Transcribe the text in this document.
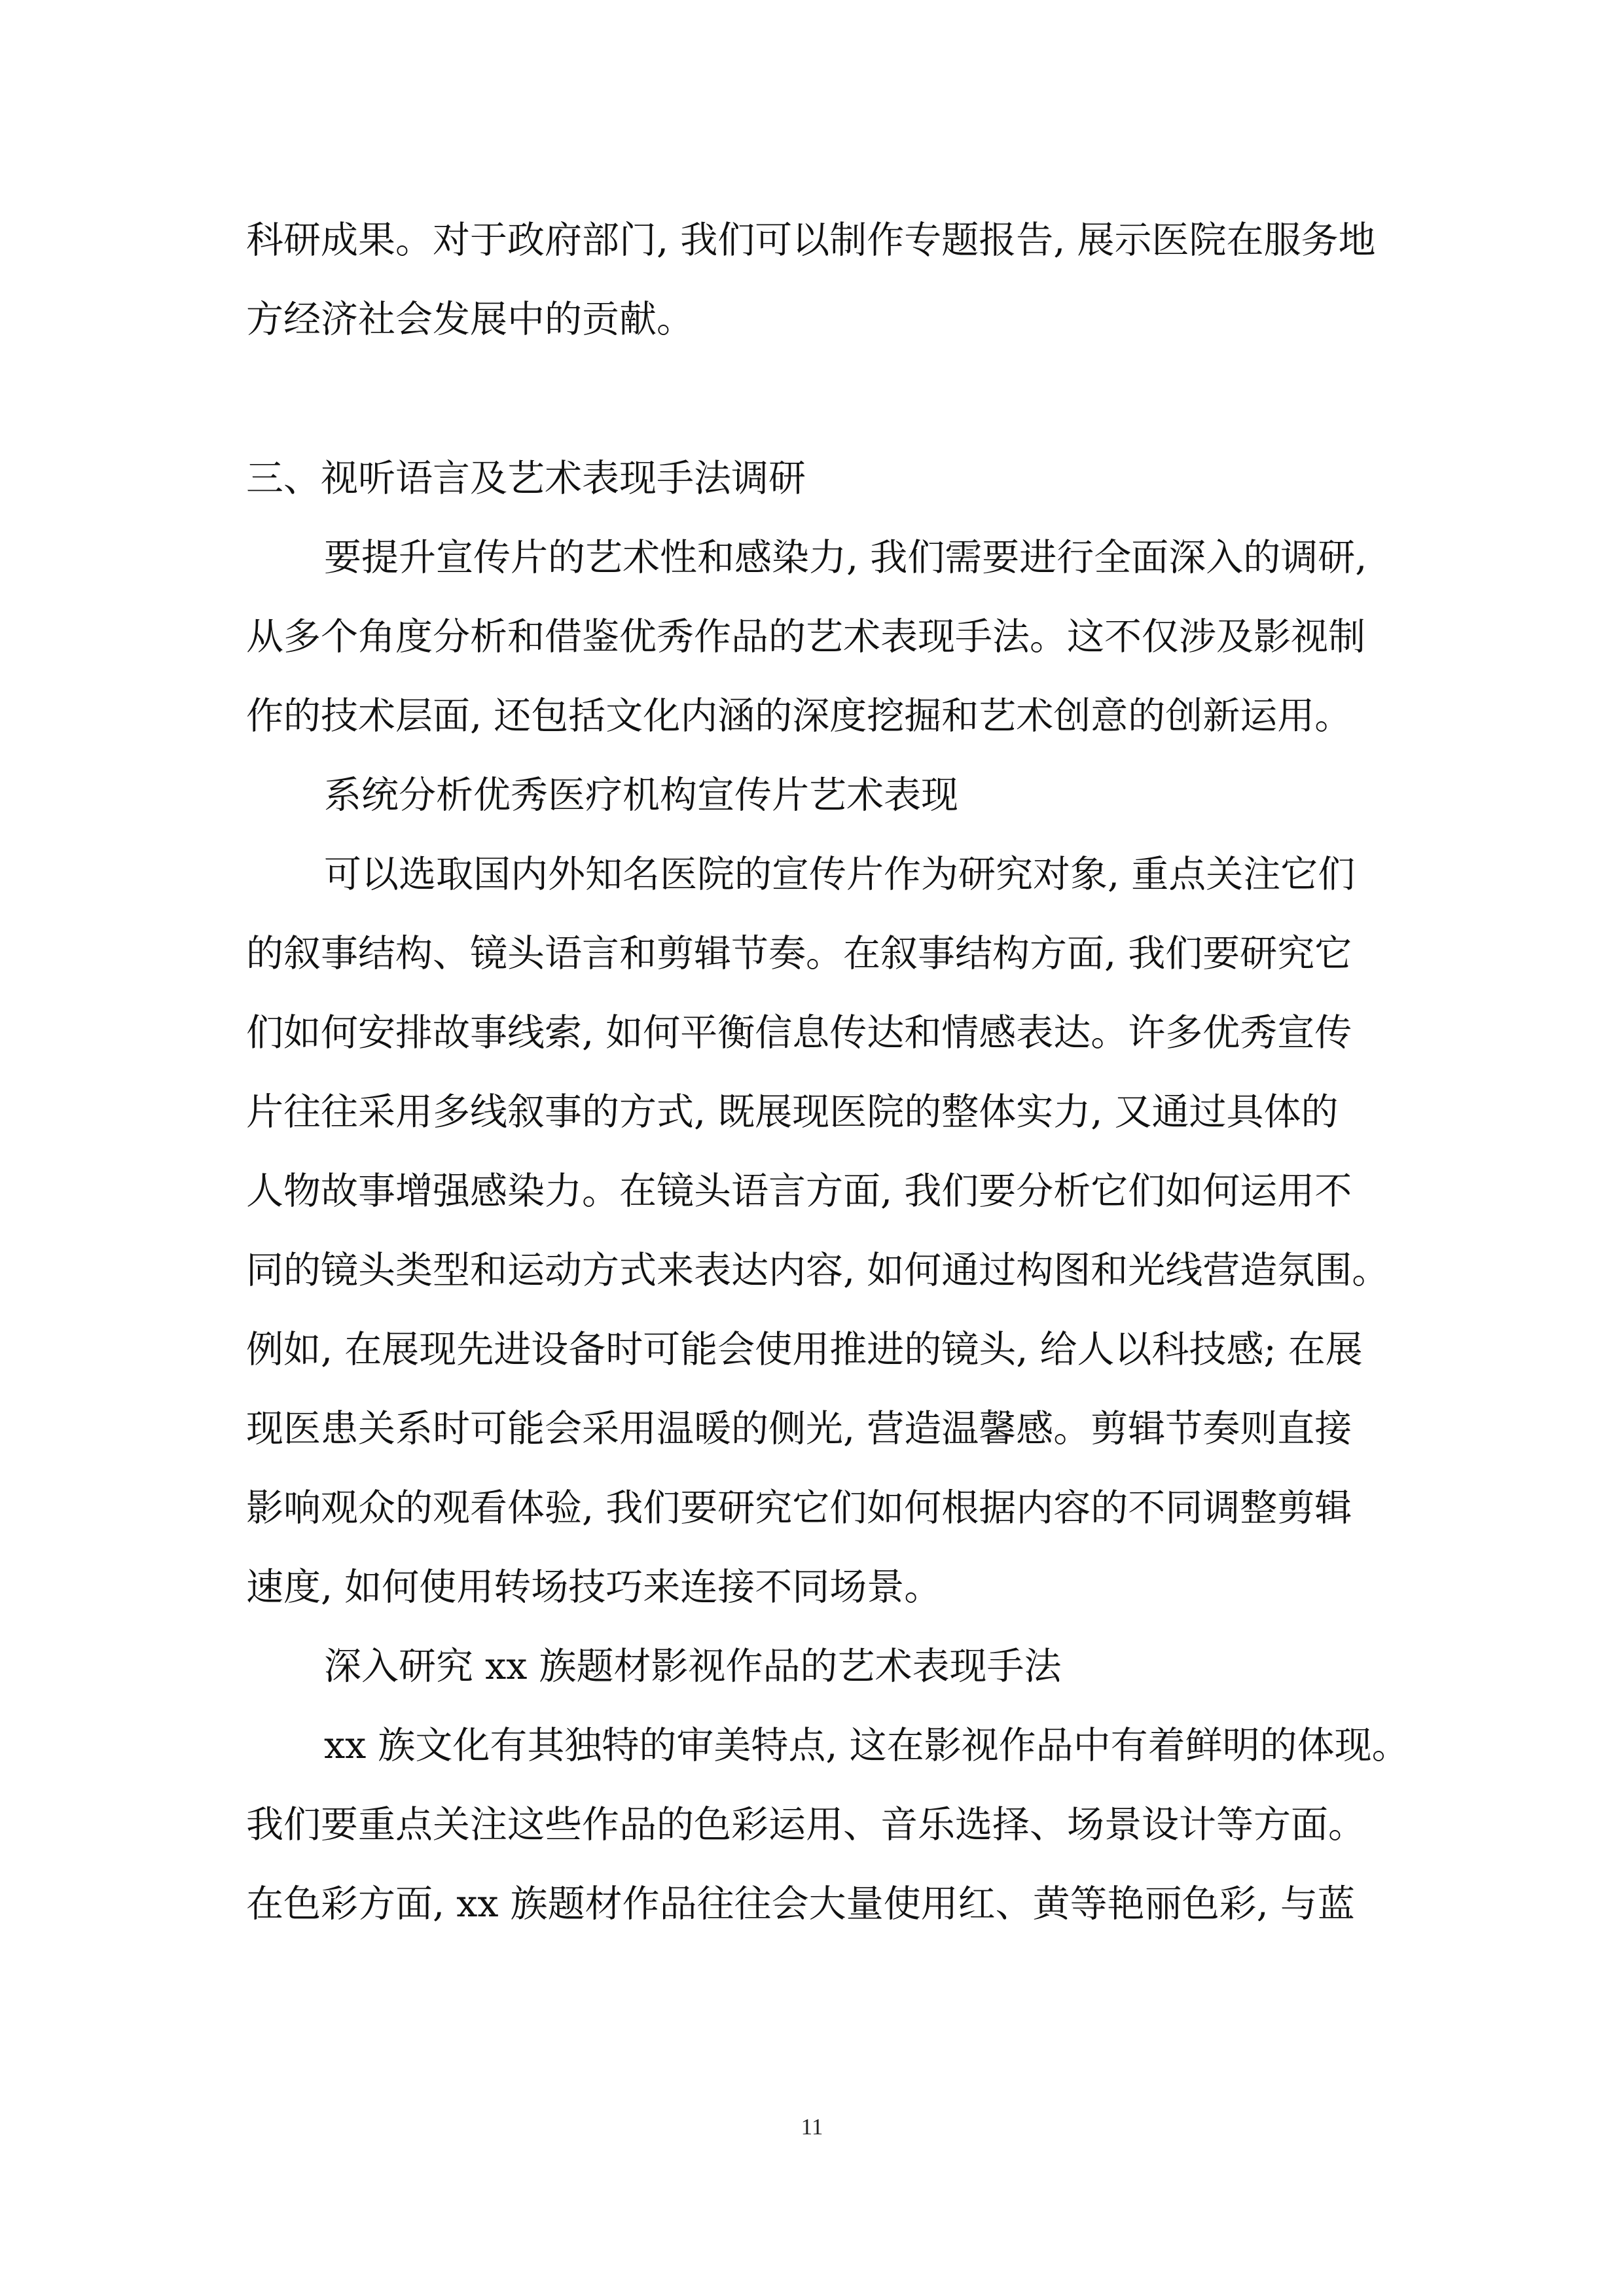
科研成果。对于政府部门, 我们可以制作专题报告, 展示医院在服务地
方经济社会发展中的贡献。
三、视听语言及艺术表现手法调研
要提升宣传片的艺术性和感染力, 我们需要进行全面深入的调研,
从多个角度分析和借鉴优秀作品的艺术表现手法。这不仅涉及影视制
作的技术层面, 还包括文化内涵的深度挖掘和艺术创意的创新运用。
系统分析优秀医疗机构宣传片艺术表现
可以选取国内外知名医院的宣传片作为研究对象, 重点关注它们
的叙事结构、镜头语言和剪辑节奏。在叙事结构方面, 我们要研究它
们如何安排故事线索, 如何平衡信息传达和情感表达。许多优秀宣传
片往往采用多线叙事的方式, 既展现医院的整体实力, 又通过具体的
人物故事增强感染力。在镜头语言方面, 我们要分析它们如何运用不
同的镜头类型和运动方式来表达内容, 如何通过构图和光线营造氛围。
例如, 在展现先进设备时可能会使用推进的镜头, 给人以科技感; 在展
现医患关系时可能会采用温暖的侧光, 营造温馨感。剪辑节奏则直接
影响观众的观看体验, 我们要研究它们如何根据内容的不同调整剪辑
速度, 如何使用转场技巧来连接不同场景。
深入研究 xx 族题材影视作品的艺术表现手法
xx 族文化有其独特的审美特点, 这在影视作品中有着鲜明的体现。
我们要重点关注这些作品的色彩运用、音乐选择、场景设计等方面。
在色彩方面, xx 族题材作品往往会大量使用红、黄等艳丽色彩, 与蓝
11
